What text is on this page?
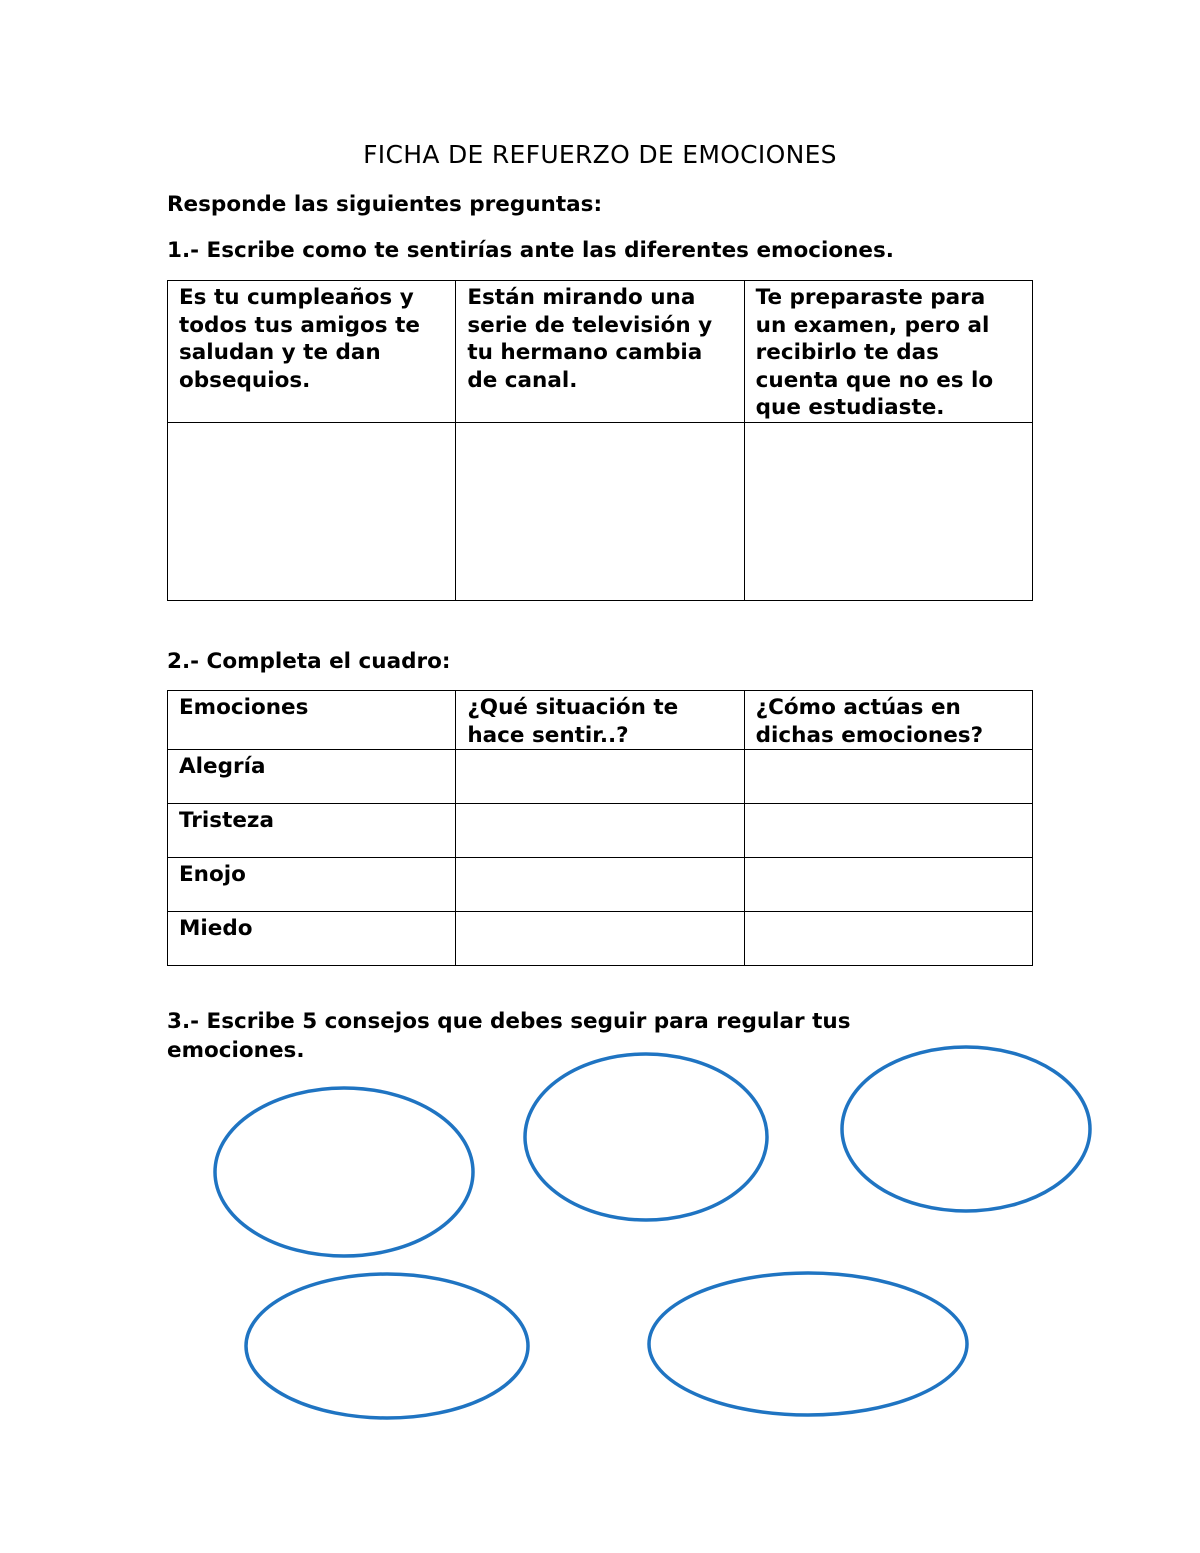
FICHA DE REFUERZO DE EMOCIONES
Responde las siguientes preguntas:
1.- Escribe como te sentirías ante las diferentes emociones.
Es tu cumpleaños y todos tus amigos te saludan y te dan obsequios.	Están mirando una serie de televisión y tu hermano cambia de canal.	Te preparaste para un examen, pero al recibirlo te das cuenta que no es lo que estudiaste.

2.- Completa el cuadro:
Emociones	¿Qué situación te hace sentir..?	¿Cómo actúas en dichas emociones?
Alegría		
Tristeza		
Enojo		
Miedo		
3.- Escribe 5 consejos que debes seguir para regular tus emociones.
